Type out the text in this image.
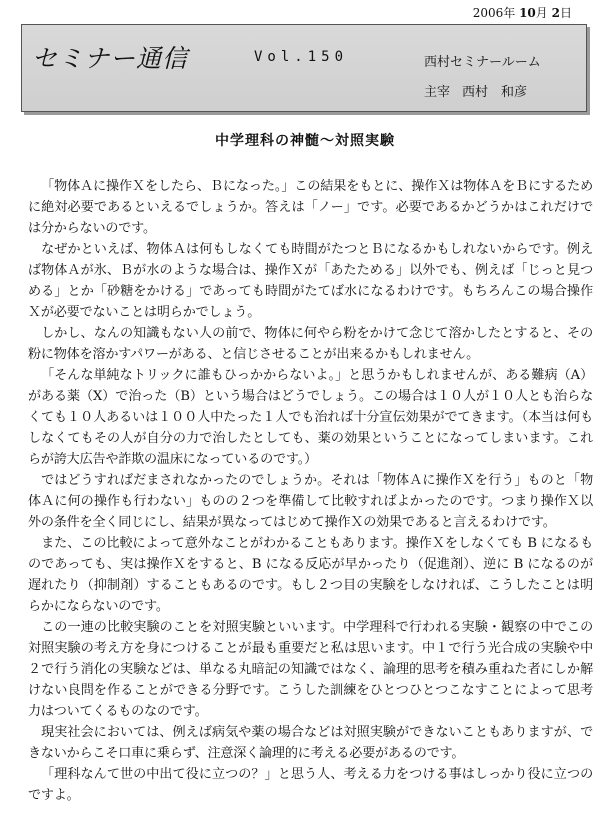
2006年 10月 2日
セミナー通信	Vol.150	西村セミナールーム
主宰 西村　和彦
中学理科の神髄～対照実験

「物体Ａに操作Ｘをしたら、Ｂになった。」この結果をもとに、操作Ｘは物体ＡをＢにするために絶対必要であるといえるでしょうか。答えは「ノー」です。必要であるかどうかはこれだけでは分からないのです。

なぜかといえば、物体Ａは何もしなくても時間がたつとＢになるかもしれないからです。例えば物体Ａが氷、Ｂが水のような場合は、操作Ｘが「あたためる」以外でも、例えば「じっと見つめる」とか「砂糖をかける」であっても時間がたてば水になるわけです。もちろんこの場合操作Ｘが必要でないことは明らかでしょう。

しかし、なんの知識もない人の前で、物体に何やら粉をかけて念じて溶かしたとすると、その粉に物体を溶かすパワーがある、と信じさせることが出来るかもしれません。

「そんな単純なトリックに誰もひっかからないよ。」と思うかもしれませんが、ある難病（A）がある薬（X）で治った（B）という場合はどうでしょう。この場合は１０人が１０人とも治らなくても１０人あるいは１００人中たった１人でも治れば十分宣伝効果がでてきます。（本当は何もしなくてもその人が自分の力で治したとしても、薬の効果ということになってしまいます。これらが誇大広告や詐欺の温床になっているのです。）

ではどうすればだまされなかったのでしょうか。それは「物体Ａに操作Ｘを行う」ものと「物体Ａに何の操作も行わない」ものの２つを準備して比較すればよかったのです。つまり操作Ｘ以外の条件を全く同じにし、結果が異なってはじめて操作Ｘの効果であると言えるわけです。

また、この比較によって意外なことがわかることもあります。操作Ｘをしなくても B になるものであっても、実は操作Ｘをすると、B になる反応が早かったり（促進剤）、逆に B になるのが遅れたり（抑制剤）することもあるのです。もし２つ目の実験をしなければ、こうしたことは明らかにならないのです。

この一連の比較実験のことを対照実験といいます。中学理科で行われる実験・観察の中でこの対照実験の考え方を身につけることが最も重要だと私は思います。中１で行う光合成の実験や中２で行う消化の実験などは、単なる丸暗記の知識ではなく、論理的思考を積み重ねた者にしか解けない良問を作ることができる分野です。こうした訓練をひとつひとつこなすことによって思考力はついてくるものなのです。

現実社会においては、例えば病気や薬の場合などは対照実験ができないこともありますが、できないからこそ口車に乗らず、注意深く論理的に考える必要があるのです。

「理科なんて世の中出て役に立つの？」と思う人、考える力をつける事はしっかり役に立つのですよ。
